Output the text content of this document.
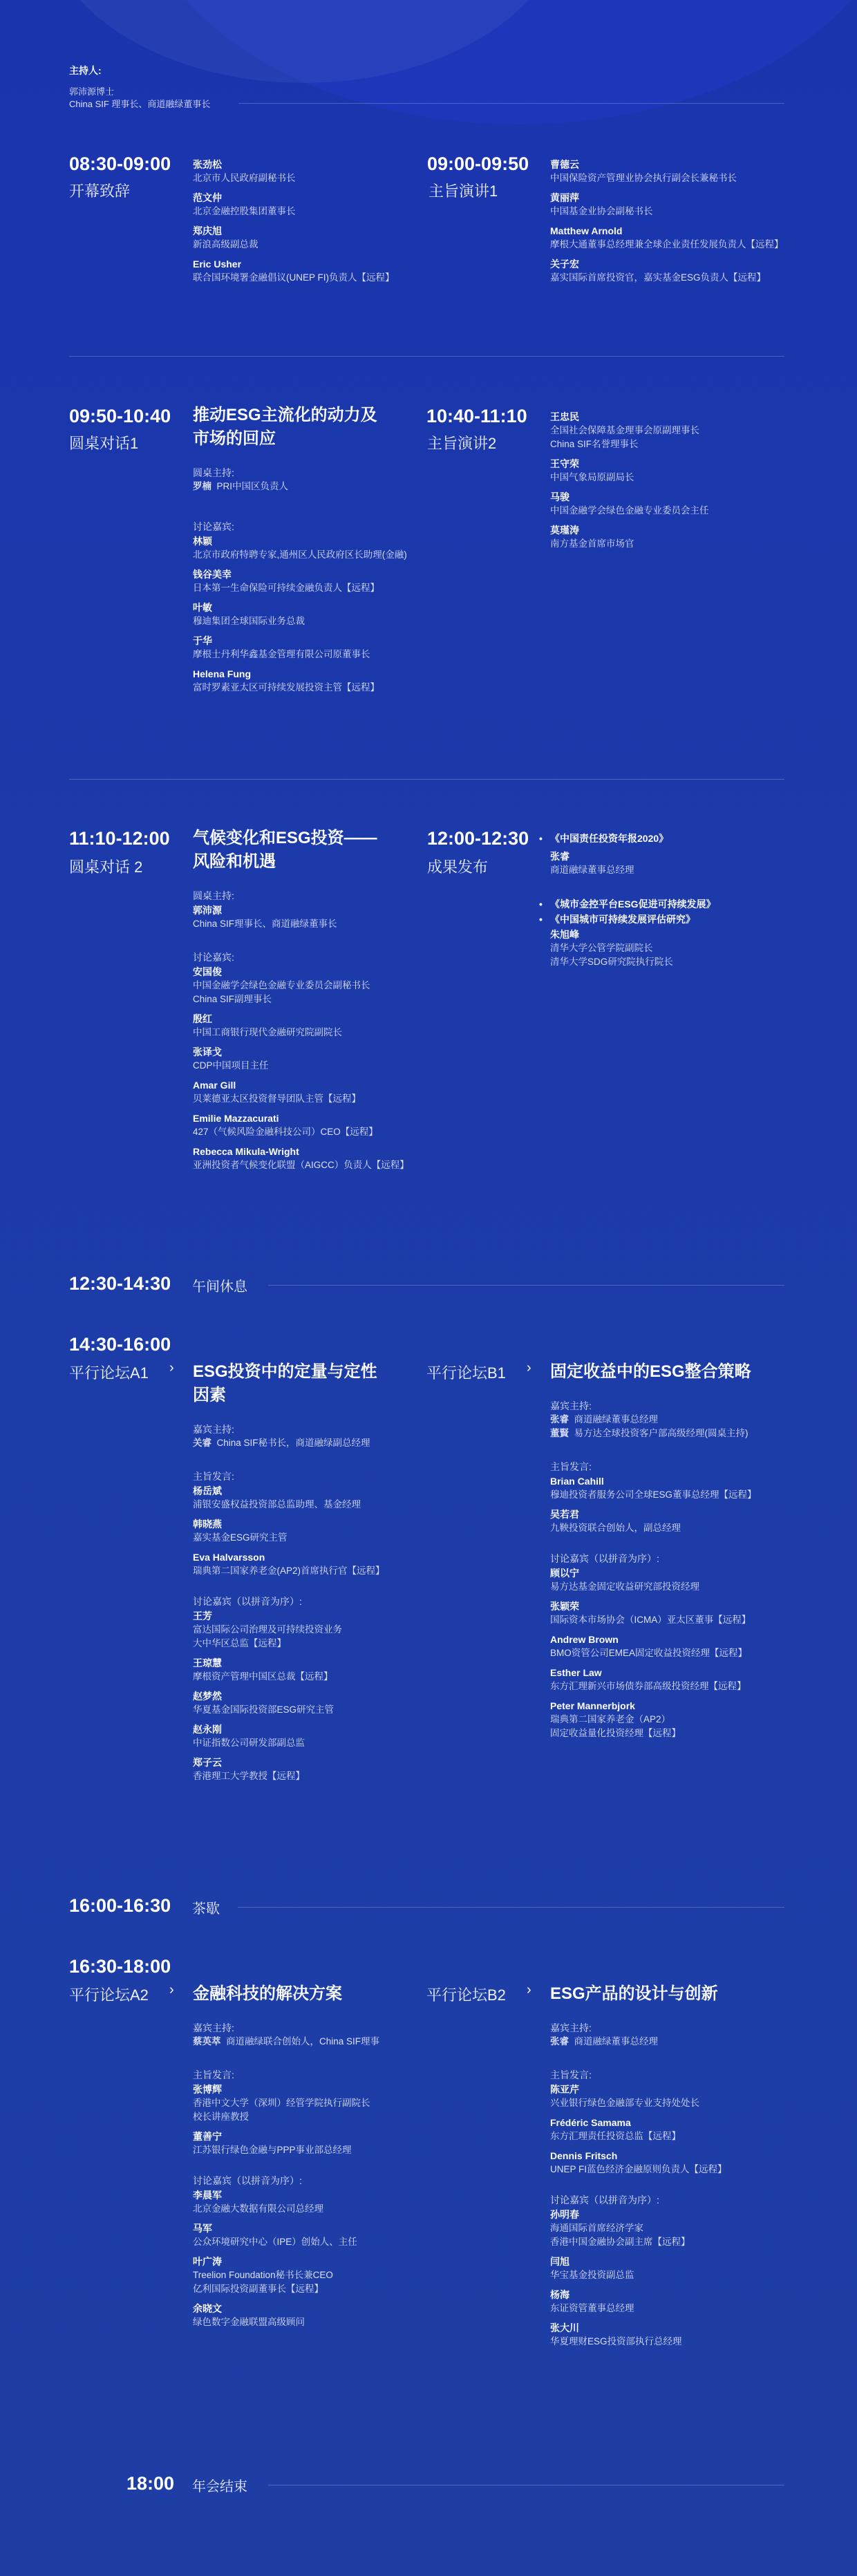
主持人:
郭沛源博士
China SIF 理事长、商道融绿董事长
08:30-09:00
开幕致辞
张劲松
北京市人民政府副秘书长
范文仲
北京金融控股集团董事长
郑庆旭
新浪高级副总裁
Eric Usher
联合国环境署金融倡议(UNEP FI)负责人【远程】
09:00-09:50
主旨演讲1
曹德云
中国保险资产管理业协会执行副会长兼秘书长
黄丽萍
中国基金业协会副秘书长
Matthew Arnold
摩根大通董事总经理兼全球企业责任发展负责人【远程】
关子宏
嘉实国际首席投资官，嘉实基金ESG负责人【远程】
09:50-10:40
圆桌对话1
推动ESG主流化的动力及
市场的回应
圆桌主持:
罗楠 PRI中国区负责人
讨论嘉宾:
林颖
北京市政府特聘专家,通州区人民政府区长助理(金融)
钱谷美幸
日本第一生命保险可持续金融负责人【远程】
叶敏
穆迪集团全球国际业务总裁
于华
摩根士丹利华鑫基金管理有限公司原董事长
Helena Fung
富时罗素亚太区可持续发展投资主管【远程】
10:40-11:10
主旨演讲2
王忠民
全国社会保障基金理事会原副理事长
China SIF名誉理事长
王守荣
中国气象局原副局长
马骏
中国金融学会绿色金融专业委员会主任
莫瑾涛
南方基金首席市场官
11:10-12:00
圆桌对话 2
气候变化和ESG投资——
风险和机遇
圆桌主持:
郭沛源
China SIF理事长、商道融绿董事长
讨论嘉宾:
安国俊
中国金融学会绿色金融专业委员会副秘书长
China SIF副理事长
殷红
中国工商银行现代金融研究院副院长
张译戈
CDP中国项目主任
Amar Gill
贝莱德亚太区投资督导团队主管【远程】
Emilie Mazzacurati
427（气候风险金融科技公司）CEO【远程】
Rebecca Mikula-Wright
亚洲投资者气候变化联盟（AIGCC）负责人【远程】
12:00-12:30
成果发布
• 《中国责任投资年报2020》
张睿
商道融绿董事总经理
• 《城市金控平台ESG促进可持续发展》
• 《中国城市可持续发展评估研究》
朱旭峰
清华大学公管学院副院长
清华大学SDG研究院执行院长
12:30-14:30 午间休息
14:30-16:00
平行论坛A1 › ESG投资中的定量与定性
因素
嘉宾主持:
关睿 China SIF秘书长，商道融绿副总经理
主旨发言:
杨岳斌
浦银安盛权益投资部总监助理、基金经理
韩晓燕
嘉实基金ESG研究主管
Eva Halvarsson
瑞典第二国家养老金(AP2)首席执行官【远程】
讨论嘉宾（以拼音为序）:
王芳
富达国际公司治理及可持续投资业务
大中华区总监【远程】
王琼慧
摩根资产管理中国区总裁【远程】
赵梦然
华夏基金国际投资部ESG研究主管
赵永刚
中证指数公司研发部副总监
郑子云
香港理工大学教授【远程】
平行论坛B1 › 固定收益中的ESG整合策略
嘉宾主持:
张睿 商道融绿董事总经理
董賢 易方达全球投资客户部高级经理(圆桌主持)
主旨发言:
Brian Cahill
穆迪投资者服务公司全球ESG董事总经理【远程】
吴若君
九鞅投资联合创始人，副总经理
讨论嘉宾（以拼音为序）:
顾以宁
易方达基金固定收益研究部投资经理
张颖荣
国际资本市场协会（ICMA）亚太区董事【远程】
Andrew Brown
BMO资管公司EMEA固定收益投资经理【远程】
Esther Law
东方汇理新兴市场债券部高级投资经理【远程】
Peter Mannerbjork
瑞典第二国家养老金（AP2）
固定收益量化投资经理【远程】
16:00-16:30 茶歇
16:30-18:00
平行论坛A2 › 金融科技的解决方案
嘉宾主持:
蔡英萃 商道融绿联合创始人，China SIF理事
主旨发言:
张博辉
香港中文大学（深圳）经管学院执行副院长
校长讲座教授
董善宁
江苏银行绿色金融与PPP事业部总经理
讨论嘉宾（以拼音为序）:
李晨军
北京金融大数据有限公司总经理
马军
公众环境研究中心（IPE）创始人、主任
叶广涛
Treelion Foundation秘书长兼CEO
亿利国际投资副董事长【远程】
余晓文
绿色数字金融联盟高级顾问
平行论坛B2 › ESG产品的设计与创新
嘉宾主持:
张睿 商道融绿董事总经理
主旨发言:
陈亚芹
兴业银行绿色金融部专业支持处处长
Frédéric Samama
东方汇理责任投资总监【远程】
Dennis Fritsch
UNEP FI蓝色经济金融原则负责人【远程】
讨论嘉宾（以拼音为序）:
孙明春
海通国际首席经济学家
香港中国金融协会副主席【远程】
闫旭
华宝基金投资副总监
杨海
东证资管董事总经理
张大川
华夏理财ESG投资部执行总经理
18:00 年会结束
